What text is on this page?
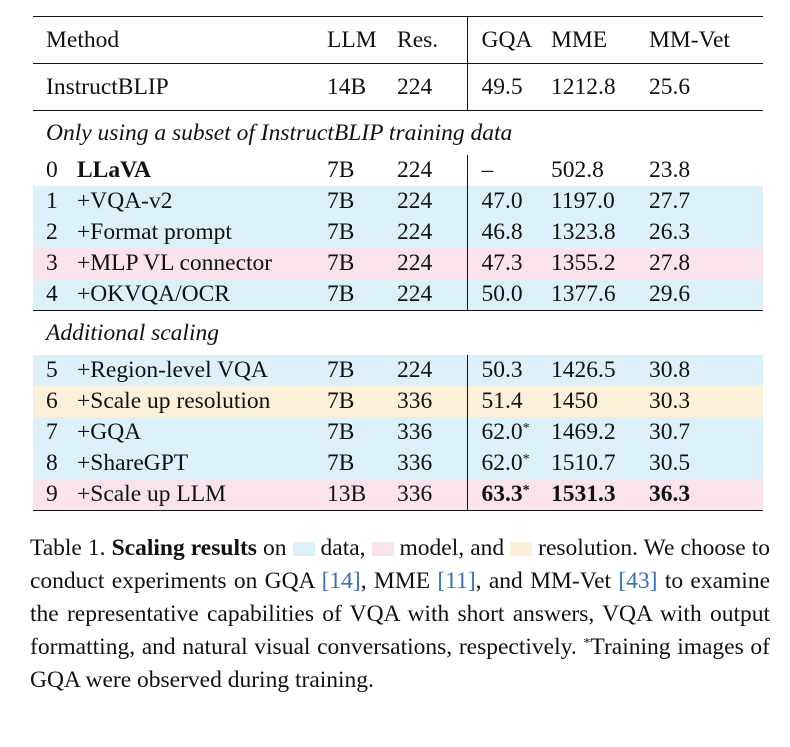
Method		LLM	Res.	GQA	MME	MM-Vet
InstructBLIP		14B	224	49.5	1212.8	25.6
Only using a subset of InstructBLIP training data						
0	LLaVA	7B	224	–	502.8	23.8
1	+VQA-v2	7B	224	47.0	1197.0	27.7
2	+Format prompt	7B	224	46.8	1323.8	26.3
3	+MLP VL connector	7B	224	47.3	1355.2	27.8
4	+OKVQA/OCR	7B	224	50.0	1377.6	29.6
Additional scaling						
5	+Region-level VQA	7B	224	50.3	1426.5	30.8
6	+Scale up resolution	7B	336	51.4	1450	30.3
7	+GQA	7B	336	62.0*	1469.2	30.7
8	+ShareGPT	7B	336	62.0*	1510.7	30.5
9	+Scale up LLM	13B	336	63.3*	1531.3	36.3
Table 1. Scaling results on data, model, and resolution. We choose to conduct experiments on GQA [14], MME [11], and MM-Vet [43] to examine the representative capabilities of VQA with short answers, VQA with output formatting, and natural visual conversations, respectively. *Training images of GQA were observed during training.
